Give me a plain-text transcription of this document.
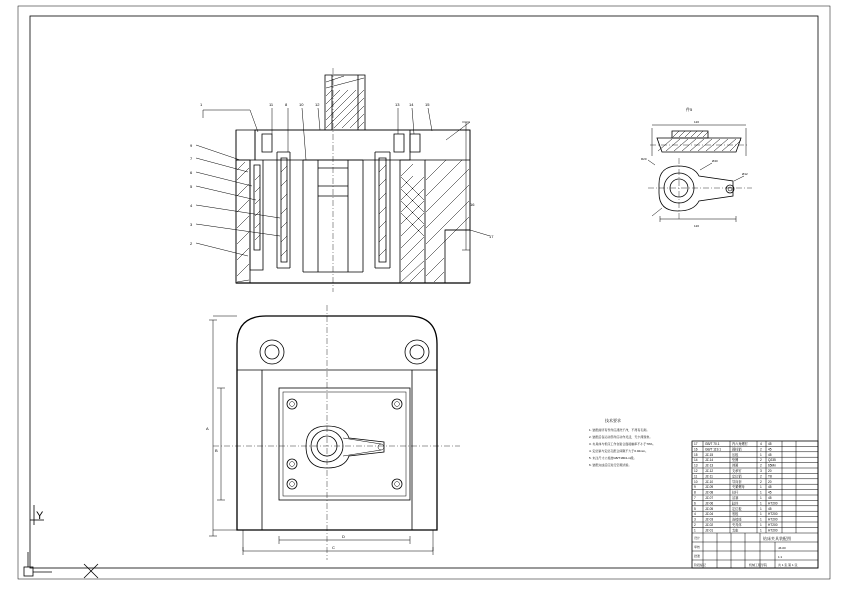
9
7
6
5
4
3
2
1	11	8	10	12	13 14	15
16
17
A
B
C
D
件5
120
R20	Ø40
Ø12
120
技术要求
1. 装配前所有零件应清洗干净，不得有毛刺。
2. 装配后各运动部件应动作灵活，无卡滞现象。
3. 夹具体与机床工作台贴合面接触率不小于70%。
4. 定位销与定位孔配合间隙不大于0.02mm。
5. 未注尺寸公差按GB/T1804-m级。
6. 装配完成后应进行空载试验。
17 GB/T 70.1	内六角螺钉	4 45
16 GB/T 119.1	圆柱销	2 45
15 JZ-15	压板	1 45
14 JZ-14	垫圈	2 Q235
13 JZ-13	弹簧	2 65Mn
12 JZ-12	支承钉	3 20
11 JZ-11	定位销	2 T8
10 JZ-10	导向套	2 20
9	JZ-09	夹紧螺母	1 45
8	JZ-08	拉杆	1 45
7	JZ-07	活塞	1 45
6	JZ-06	缸体	1 HT200
5	JZ-05	定位板	1 45
4	JZ-04	底板	1 HT200
3	JZ-03	连接座	1 HT200
2	JZ-02	夹具体	1 HT200
1	JZ-01	支座	1 HT200
设计
审核
批准
阶段标记
钻床夹具装配图
JZ-00
1:1
共 1 张 第 1 张
机械工程学院
Y
